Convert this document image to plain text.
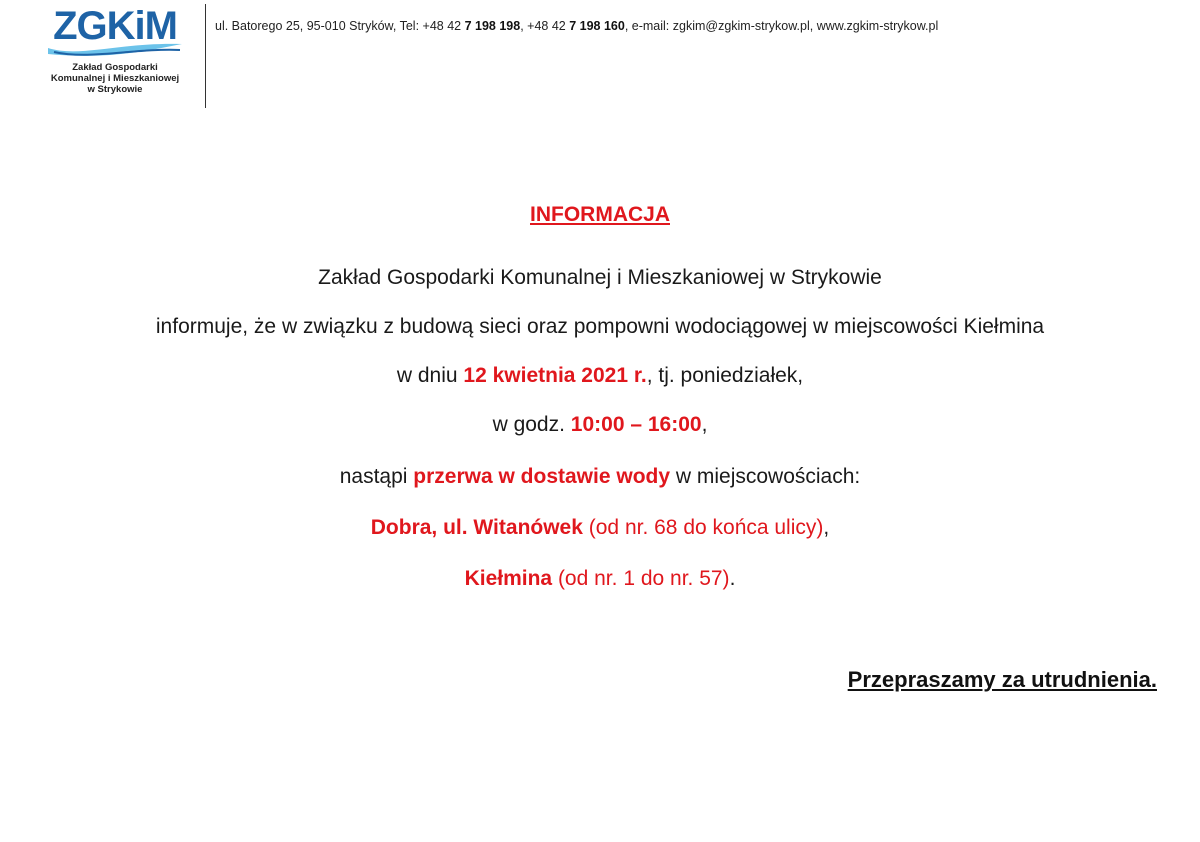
ZGKiM
Zakład Gospodarki
Komunalnej i Mieszkaniowej
w Strykowie
ul. Batorego 25, 95-010 Stryków, Tel: +48 42 7 198 198, +48 42 7 198 160, e-mail: zgkim@zgkim-strykow.pl, www.zgkim-strykow.pl
INFORMACJA
Zakład Gospodarki Komunalnej i Mieszkaniowej w Strykowie
informuje, że w związku z budową sieci oraz pompowni wodociągowej w miejscowości Kiełmina
w dniu 12 kwietnia 2021 r., tj. poniedziałek,
w godz. 10:00 – 16:00,
nastąpi przerwa w dostawie wody w miejscowościach:
Dobra, ul. Witanówek (od nr. 68 do końca ulicy),
Kiełmina (od nr. 1 do nr. 57).
Przepraszamy za utrudnienia.
